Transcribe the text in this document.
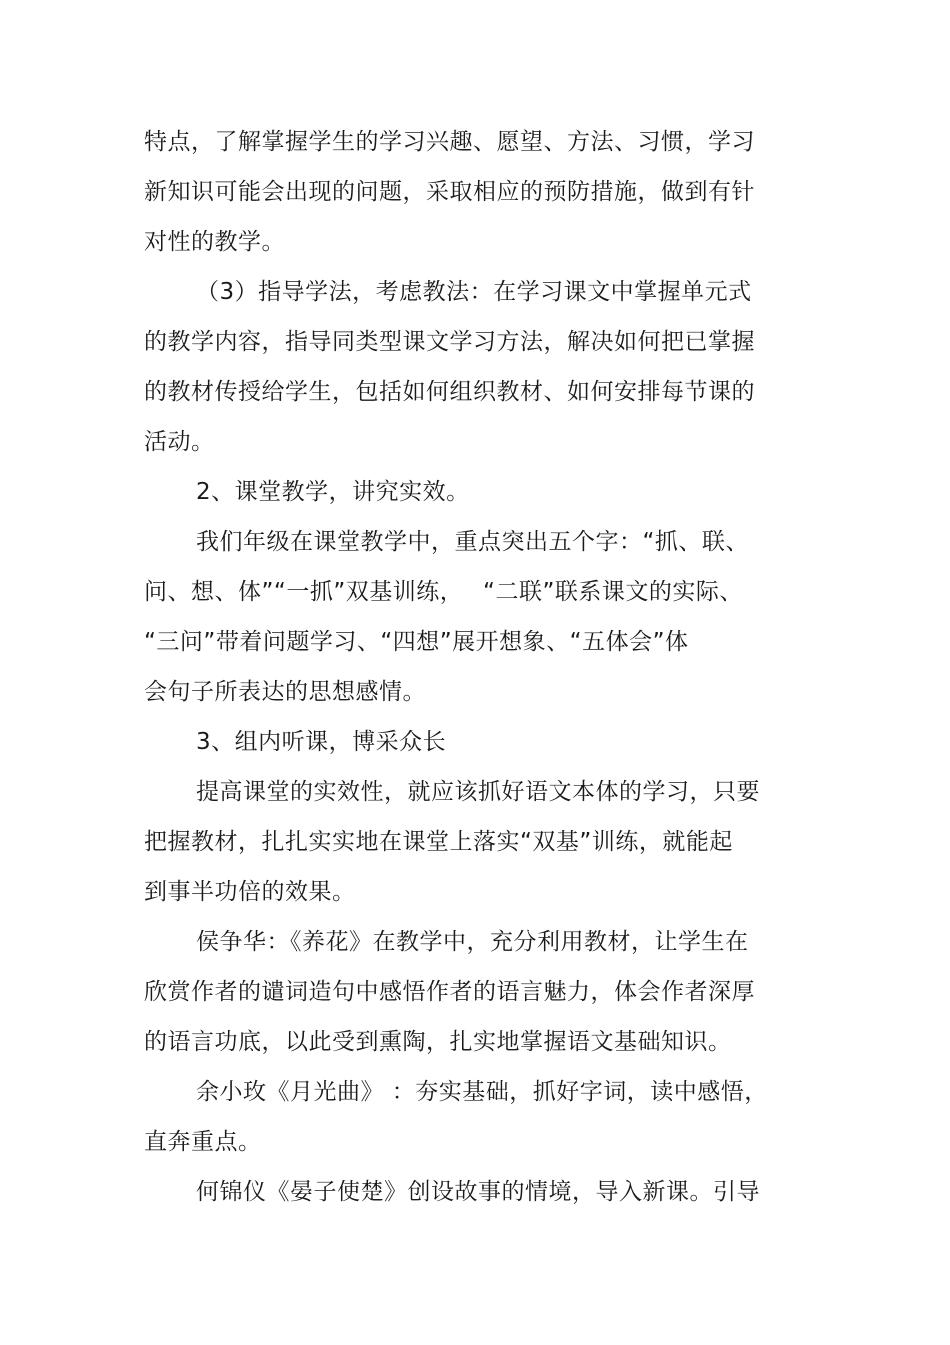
特点，了解掌握学生的学习兴趣、愿望、方法、习惯，学习
新知识可能会出现的问题，采取相应的预防措施，做到有针
对性的教学。
（3）指导学法，考虑教法：在学习课文中掌握单元式
的教学内容，指导同类型课文学习方法，解决如何把已掌握
的教材传授给学生，包括如何组织教材、如何安排每节课的
活动。
2、课堂教学，讲究实效。
我们年级在课堂教学中，重点突出五个字：“抓、联、
问、想、体”“一抓”双基训练，　 “二联”联系课文的实际、
“三问”带着问题学习、“四想”展开想象、“五体会”体
会句子所表达的思想感情。
3、组内听课，博采众长
提高课堂的实效性，就应该抓好语文本体的学习，只要
把握教材，扎扎实实地在课堂上落实“双基”训练，就能起
到事半功倍的效果。
侯争华：《养花》在教学中，充分利用教材，让学生在
欣赏作者的谴词造句中感悟作者的语言魅力，体会作者深厚
的语言功底，以此受到熏陶，扎实地掌握语文基础知识。
余小玫《月光曲》 ：夯实基础，抓好字词，读中感悟，
直奔重点。
何锦仪《晏子使楚》创设故事的情境，导入新课。引导
